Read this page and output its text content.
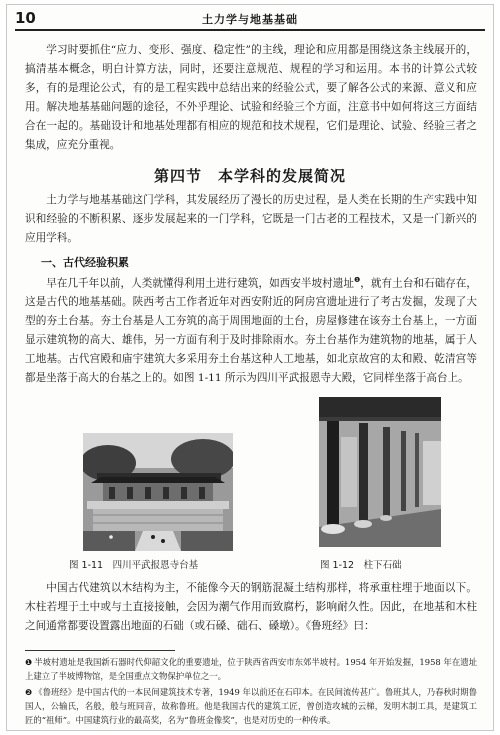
10	土力学与地基基础

学习时要抓住“应力、变形、强度、稳定性”的主线，理论和应用都是围绕这条主线展开的，搞清基本概念，明白计算方法，同时，还要注意规范、规程的学习和运用。本书的计算公式较多，有的是理论公式，有的是工程实践中总结出来的经验公式，要了解各公式的来源、意义和应用。解决地基基础问题的途径，不外乎理论、试验和经验三个方面，注意书中如何将这三方面结合在一起的。基础设计和地基处理都有相应的规范和技术规程，它们是理论、试验、经验三者之集成，应充分重视。

第四节　本学科的发展简况

土力学与地基基础这门学科，其发展经历了漫长的历史过程，是人类在长期的生产实践中知识和经验的不断积累、逐步发展起来的一门学科，它既是一门古老的工程技术，又是一门新兴的应用学科。

一、古代经验积累

早在几千年以前，人类就懂得利用土进行建筑，如西安半坡村遗址$^❶$，就有土台和石础存在，这是古代的地基基础。陕西考古工作者近年对西安附近的阿房宫遗址进行了考古发掘，发现了大型的夯土台基。夯土台基是人工夯筑的高于周围地面的土台，房屋修建在该夯土台基上，一方面显示建筑物的高大、雄伟，另一方面有利于及时排除雨水。夯土台基作为建筑物的地基，属于人工地基。古代宫殿和庙宇建筑大多采用夯土台基这种人工地基，如北京故宫的太和殿、乾清宫等都是坐落于高大的台基之上的。如图 1-11 所示为四川平武报恩寺大殿，它同样坐落于高台上。

图 1-11　四川平武报恩寺台基	图 1-12　柱下石础

中国古代建筑以木结构为主，不能像今天的钢筋混凝土结构那样，将承重柱埋于地面以下。木柱若埋于土中或与土直接接触，会因为潮气作用而致腐朽，影响耐久性。因此，在地基和木柱之间通常都要设置露出地面的石础（或石磉、础石、磉墩）。《鲁班经》曰：

❶ 半坡村遗址是我国新石器时代仰韶文化的重要遗址，位于陕西省西安市东郊半坡村。1954 年开始发掘，1958 年在遗址上建立了半坡博物馆，是全国重点文物保护单位之一。

❷ 《鲁班经》是中国古代的一本民间建筑技术专著，1949 年以前还在石印本。在民间流传甚广。鲁班其人，乃春秋时期鲁国人，公输氏，名般，般与班同音，故称鲁班。他是我国古代的建筑工匠，曾创造攻城的云梯，发明木制工具，是建筑工匠的“祖师”。中国建筑行业的最高奖，名为“鲁班金像奖”，也是对历史的一种传承。
